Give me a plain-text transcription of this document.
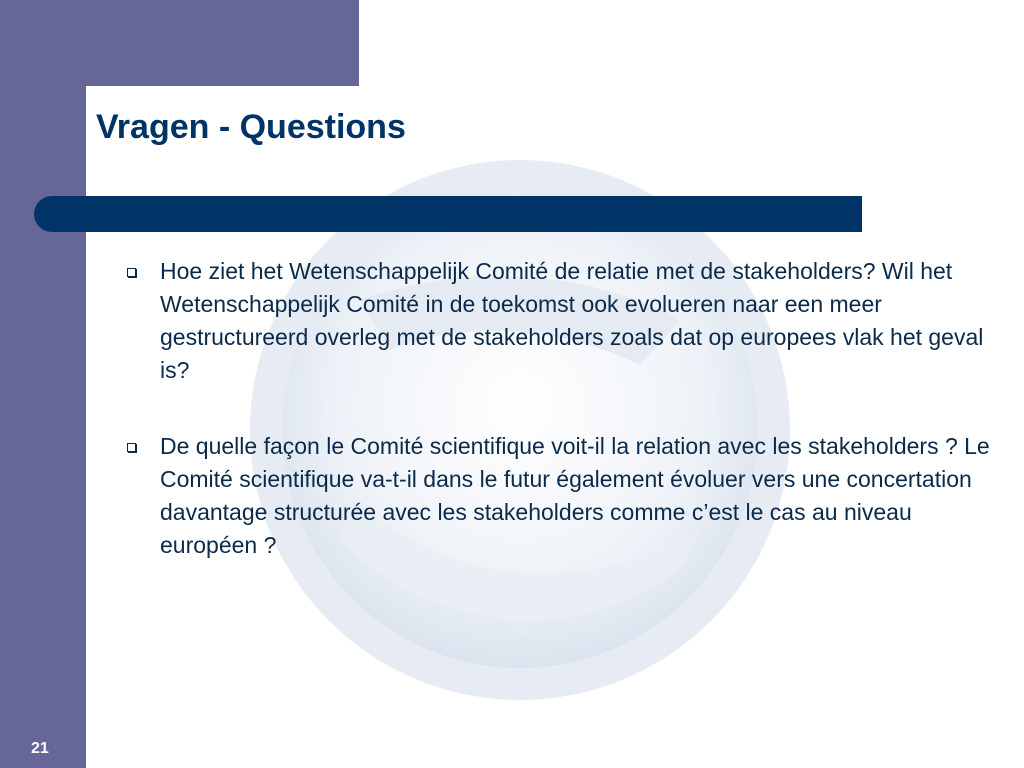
Vragen - Questions
Hoe ziet het Wetenschappelijk Comité de relatie met de stakeholders? Wil het Wetenschappelijk Comité in de toekomst ook evolueren naar een meer gestructureerd overleg met de stakeholders zoals dat op europees vlak het geval is?
De quelle façon le Comité scientifique voit-il la relation avec les stakeholders ? Le Comité scientifique va-t-il dans le futur également évoluer vers une concertation davantage structurée avec les stakeholders comme c’est le cas au niveau européen ?
21
